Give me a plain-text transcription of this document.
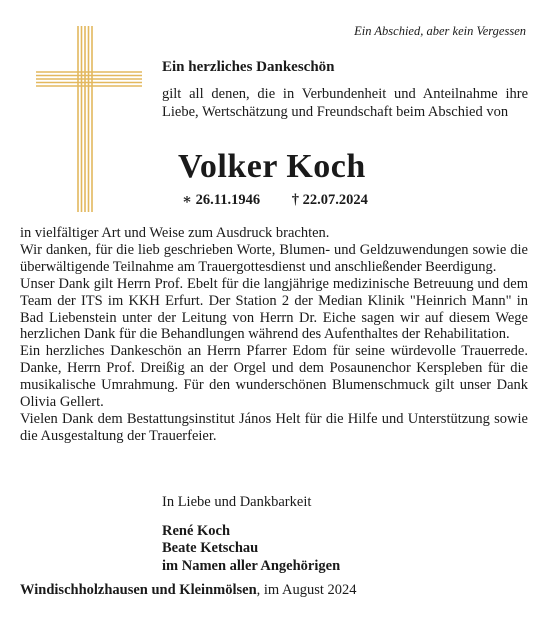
Ein Abschied, aber kein Vergessen
Ein herzliches Dankeschön
gilt all denen, die in Verbundenheit und Anteilnahme ihre Liebe, Wertschätzung und Freundschaft beim Abschied von
Volker Koch
∗ 26.11.1946 † 22.07.2024
in vielfältiger Art und Weise zum Ausdruck brachten.
Wir danken, für die lieb geschrieben Worte, Blumen- und Geldzuwendungen sowie die überwältigende Teilnahme am Trauergottesdienst und anschließender Beerdigung.
Unser Dank gilt Herrn Prof. Ebelt für die langjährige medizinische Betreuung und dem Team der ITS im KKH Erfurt. Der Station 2 der Median Klinik "Heinrich Mann" in Bad Liebenstein unter der Leitung von Herrn Dr. Eiche sagen wir auf diesem Wege herzlichen Dank für die Behandlungen während des Aufenthaltes der Rehabilitation.
Ein herzliches Dankeschön an Herrn Pfarrer Edom für seine würdevolle Trauerrede. Danke, Herrn Prof. Dreißig an der Orgel und dem Posaunenchor Kerspleben für die musikalische Umrahmung. Für den wunderschönen Blumenschmuck gilt unser Dank Olivia Gellert.
Vielen Dank dem Bestattungsinstitut János Helt für die Hilfe und Unterstützung sowie die Ausgestaltung der Trauerfeier.
In Liebe und Dankbarkeit
René Koch
Beate Ketschau
im Namen aller Angehörigen
Windischholzhausen und Kleinmölsen, im August 2024
